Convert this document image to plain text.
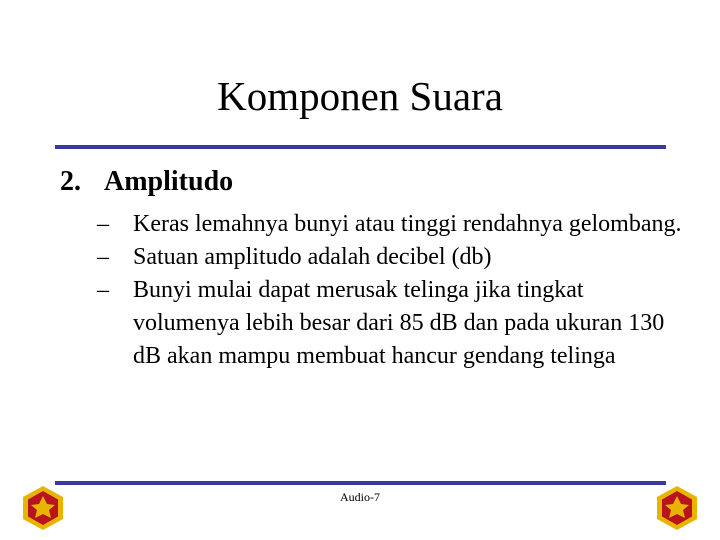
Komponen Suara
2. Amplitudo
– Keras lemahnya bunyi atau tinggi rendahnya gelombang.
– Satuan amplitudo adalah decibel (db)
– Bunyi mulai dapat merusak telinga jika tingkat volumenya lebih besar dari 85 dB dan pada ukuran 130 dB akan mampu membuat hancur gendang telinga
Audio-7
